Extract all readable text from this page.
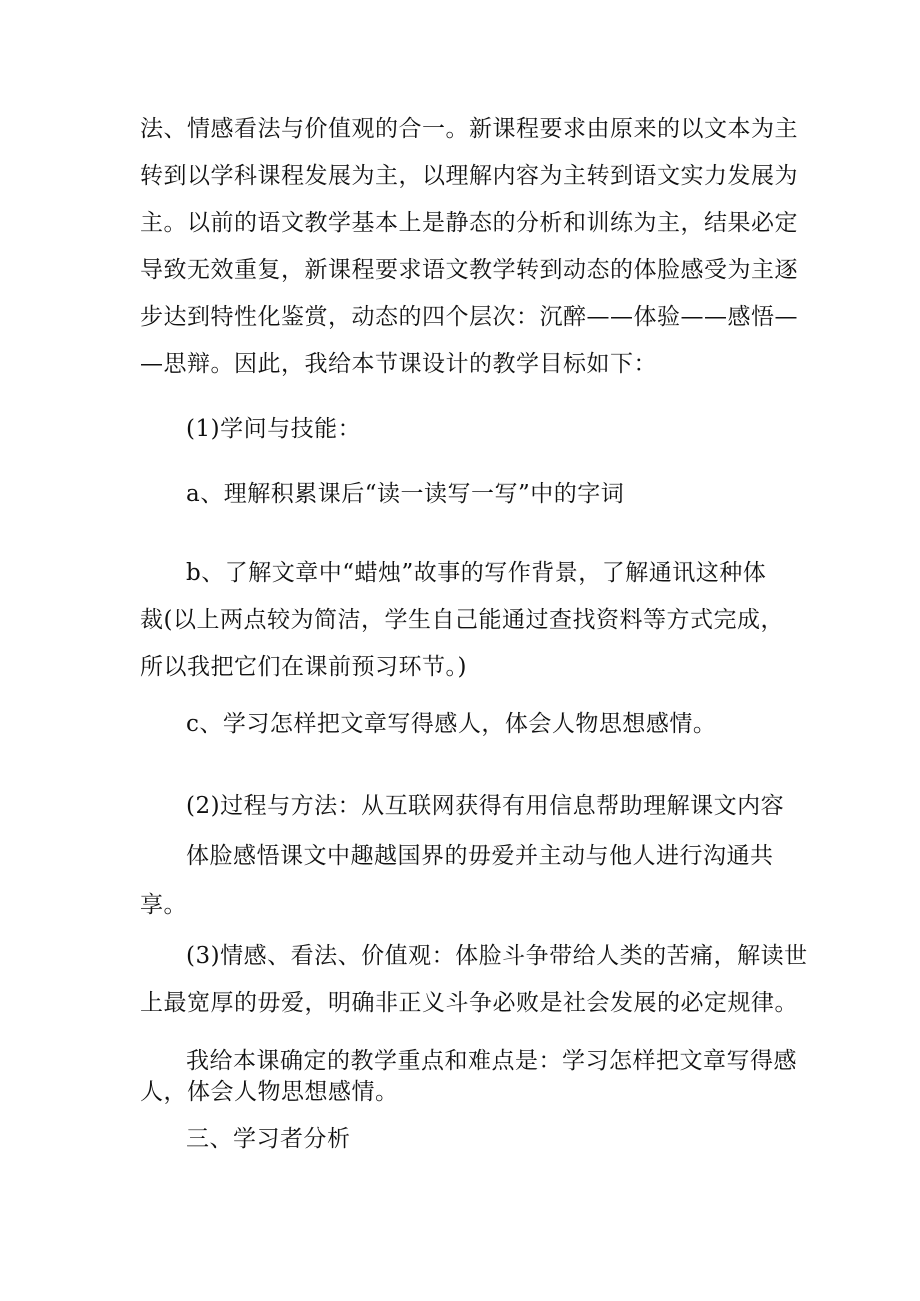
法、情感看法与价值观的合一。新课程要求由原来的以文本为主
转到以学科课程发展为主，以理解内容为主转到语文实力发展为
主。以前的语文教学基本上是静态的分析和训练为主，结果必定
导致无效重复，新课程要求语文教学转到动态的体脸感受为主逐
步达到特性化鉴赏，动态的四个层次：沉醉——体验——感悟—
—思辩。因此，我给本节课设计的教学目标如下：
(1)学问与技能：
a、理解积累课后“读一读写一写”中的字词
b、了解文章中“蜡烛”故事的写作背景，了解通讯这种体
裁(以上两点较为简洁，学生自己能通过查找资料等方式完成，
所以我把它们在课前预习环节。)
c、学习怎样把文章写得感人，体会人物思想感情。
(2)过程与方法：从互联网获得有用信息帮助理解课文内容
体脸感悟课文中趣越国界的毋爱并主动与他人进行沟通共
享。
(3)情感、看法、价值观：体脸斗争带给人类的苦痛，解读世
上最宽厚的毋爱，明确非正义斗争必败是社会发展的必定规律。
我给本课确定的教学重点和难点是：学习怎样把文章写得感
人，体会人物思想感情。
三、学习者分析
